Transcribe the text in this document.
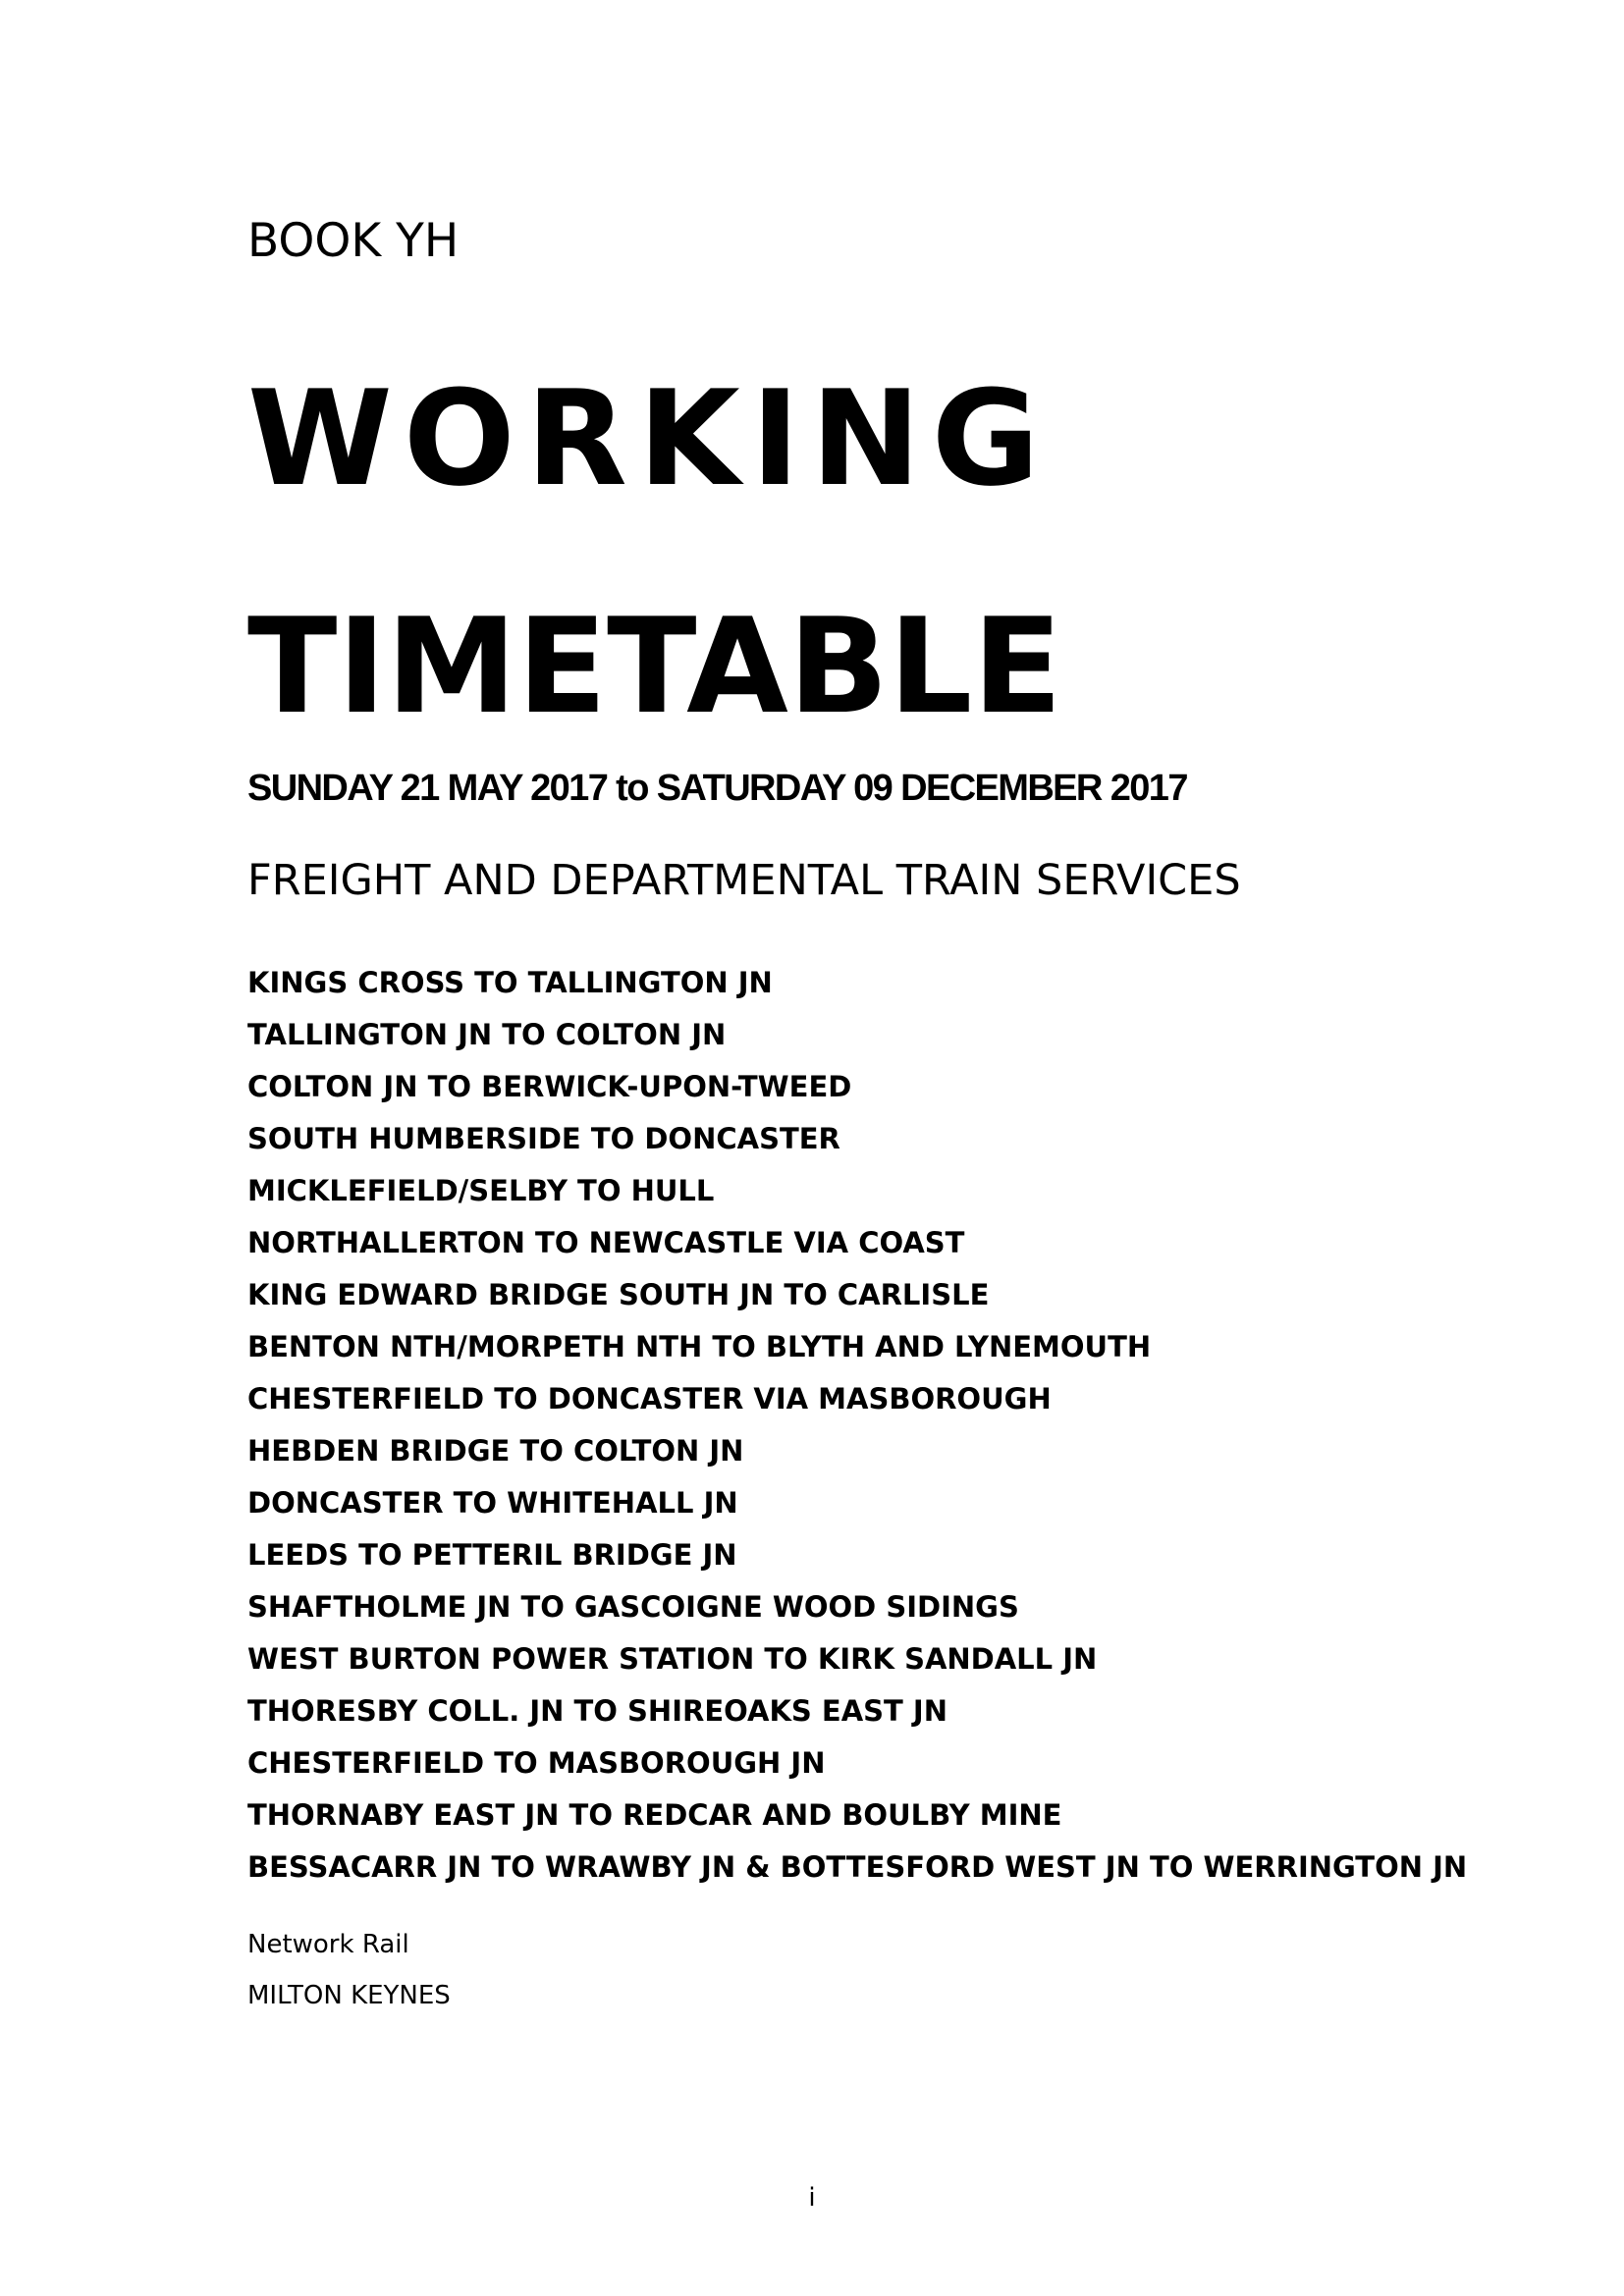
BOOK YH
WORKING
TIMETABLE
SUNDAY 21 MAY 2017 to SATURDAY 09 DECEMBER 2017
FREIGHT AND DEPARTMENTAL TRAIN SERVICES
KINGS CROSS TO TALLINGTON JN
TALLINGTON JN TO COLTON JN
COLTON JN TO BERWICK-UPON-TWEED
SOUTH HUMBERSIDE TO DONCASTER
MICKLEFIELD/SELBY TO HULL
NORTHALLERTON TO NEWCASTLE VIA COAST
KING EDWARD BRIDGE SOUTH JN TO CARLISLE
BENTON NTH/MORPETH NTH TO BLYTH AND LYNEMOUTH
CHESTERFIELD TO DONCASTER VIA MASBOROUGH
HEBDEN BRIDGE TO COLTON JN
DONCASTER TO WHITEHALL JN
LEEDS TO PETTERIL BRIDGE JN
SHAFTHOLME JN TO GASCOIGNE WOOD SIDINGS
WEST BURTON POWER STATION TO KIRK SANDALL JN
THORESBY COLL. JN TO SHIREOAKS EAST JN
CHESTERFIELD TO MASBOROUGH JN
THORNABY EAST JN TO REDCAR AND BOULBY MINE
BESSACARR JN TO WRAWBY JN & BOTTESFORD WEST JN TO WERRINGTON JN
Network Rail
MILTON KEYNES
i
